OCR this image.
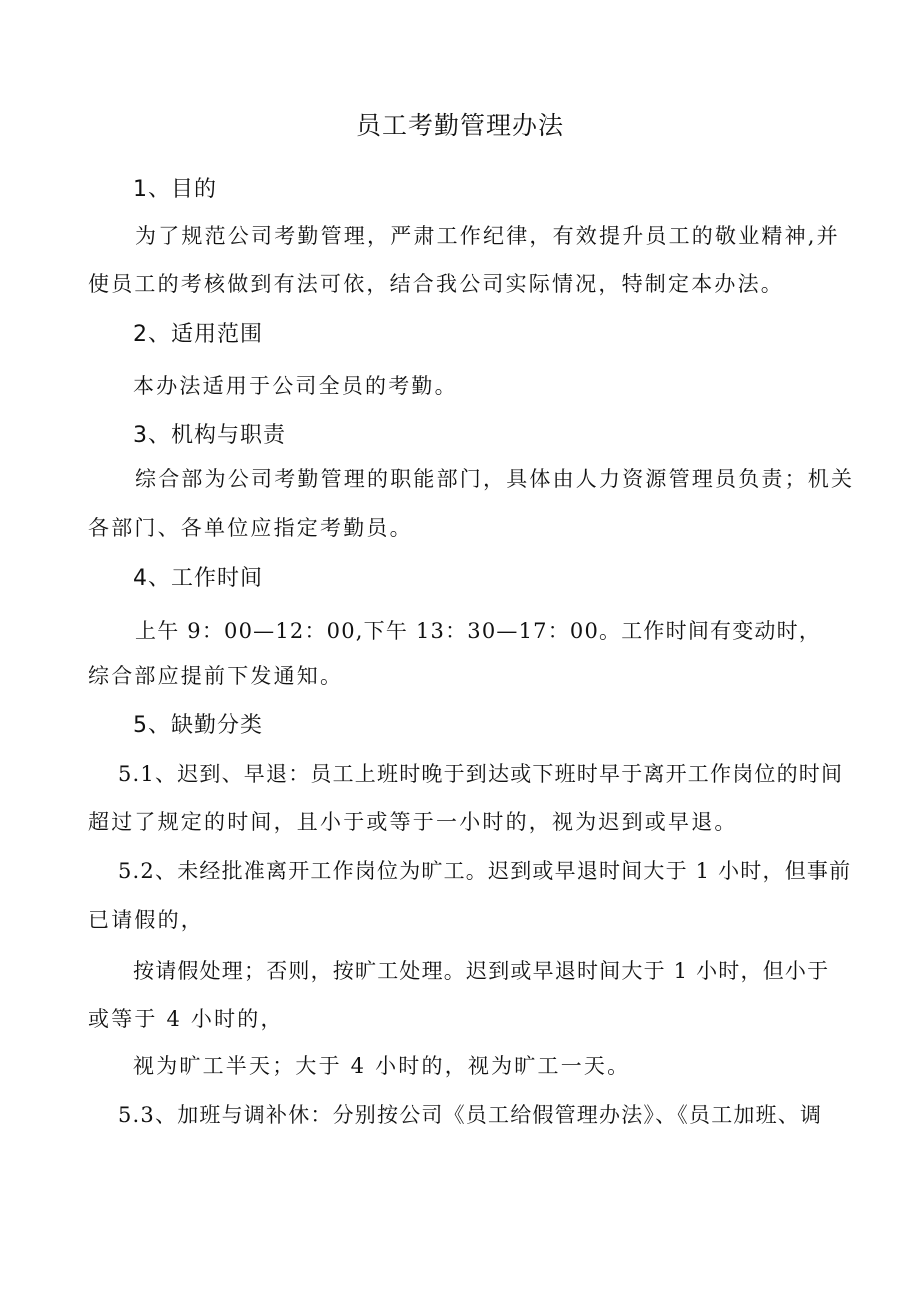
员工考勤管理办法
1、目的
为了规范公司考勤管理，严肃工作纪律，有效提升员工的敬业精神,并
使员工的考核做到有法可依，结合我公司实际情况，特制定本办法。
2、适用范围
本办法适用于公司全员的考勤。
3、机构与职责
综合部为公司考勤管理的职能部门，具体由人力资源管理员负责；机关
各部门、各单位应指定考勤员。
4、工作时间
上午 9：00—12：00,下午 13：30—17：00。工作时间有变动时，
综合部应提前下发通知。
5、缺勤分类
5.1、迟到、早退：员工上班时晚于到达或下班时早于离开工作岗位的时间
超过了规定的时间，且小于或等于一小时的，视为迟到或早退。
5.2、未经批准离开工作岗位为旷工。迟到或早退时间大于 1 小时，但事前
已请假的，
按请假处理；否则，按旷工处理。迟到或早退时间大于 1 小时，但小于
或等于 4 小时的，
视为旷工半天；大于 4 小时的，视为旷工一天。
5.3、加班与调补休：分别按公司《员工给假管理办法》、《员工加班、调
